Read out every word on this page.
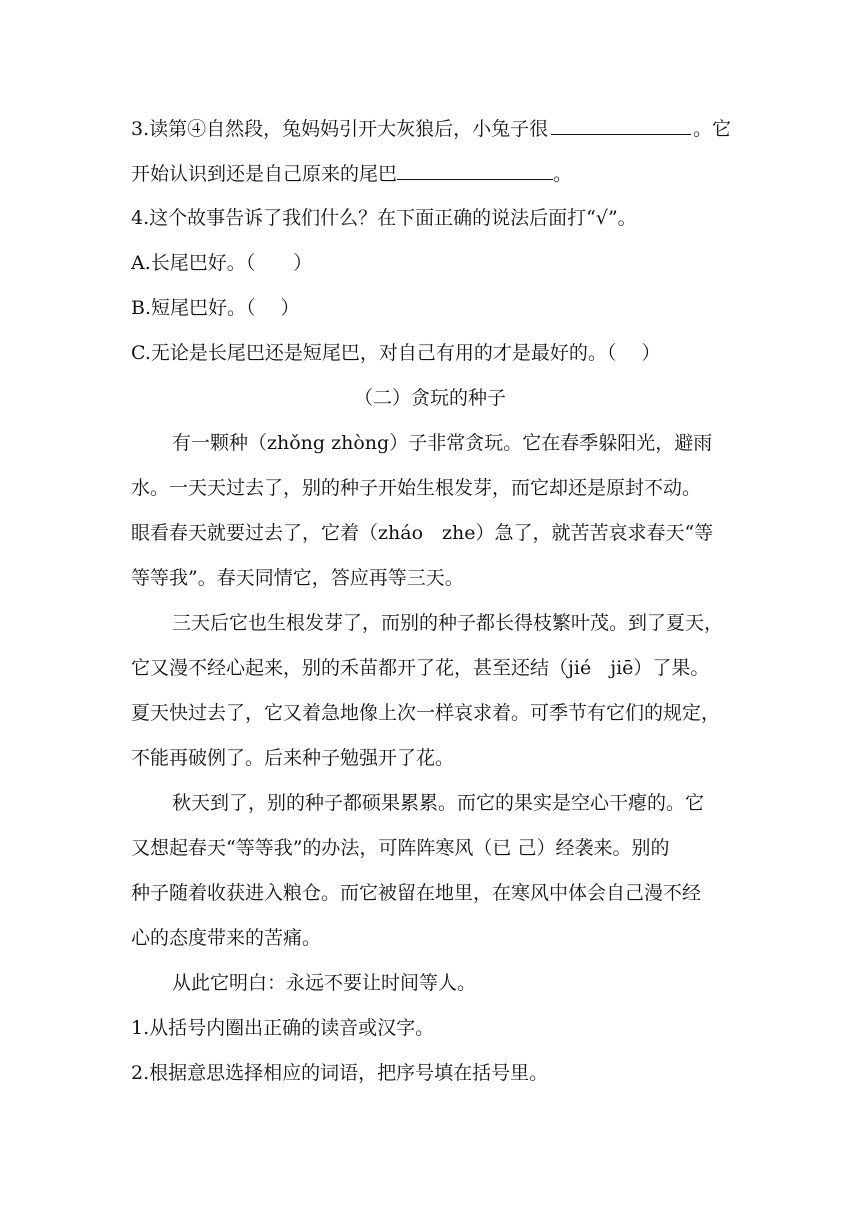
3.读第④自然段，兔妈妈引开大灰狼后，小兔子很	。它
开始认识到还是自己原来的尾巴	。
4.这个故事告诉了我们什么？在下面正确的说法后面打“√”。
A.长尾巴好。（　　）
B.短尾巴好。（　 ）
C.无论是长尾巴还是短尾巴，对自己有用的才是最好的。（　 ）
（二）贪玩的种子
有一颗种（zhǒng zhòng）子非常贪玩。它在春季躲阳光，避雨
水。一天天过去了，别的种子开始生根发芽，而它却还是原封不动。
眼看春天就要过去了，它着（zháo　zhe）急了，就苦苦哀求春天“等
等等我”。春天同情它，答应再等三天。
三天后它也生根发芽了，而别的种子都长得枝繁叶茂。到了夏天，
它又漫不经心起来，别的禾苗都开了花，甚至还结（jié　jiē）了果。
夏天快过去了，它又着急地像上次一样哀求着。可季节有它们的规定，
不能再破例了。后来种子勉强开了花。
秋天到了，别的种子都硕果累累。而它的果实是空心干瘪的。它
又想起春天“等等我”的办法，可阵阵寒风（已 己）经袭来。别的
种子随着收获进入粮仓。而它被留在地里，在寒风中体会自己漫不经
心的态度带来的苦痛。
从此它明白：永远不要让时间等人。
1.从括号内圈出正确的读音或汉字。
2.根据意思选择相应的词语，把序号填在括号里。
